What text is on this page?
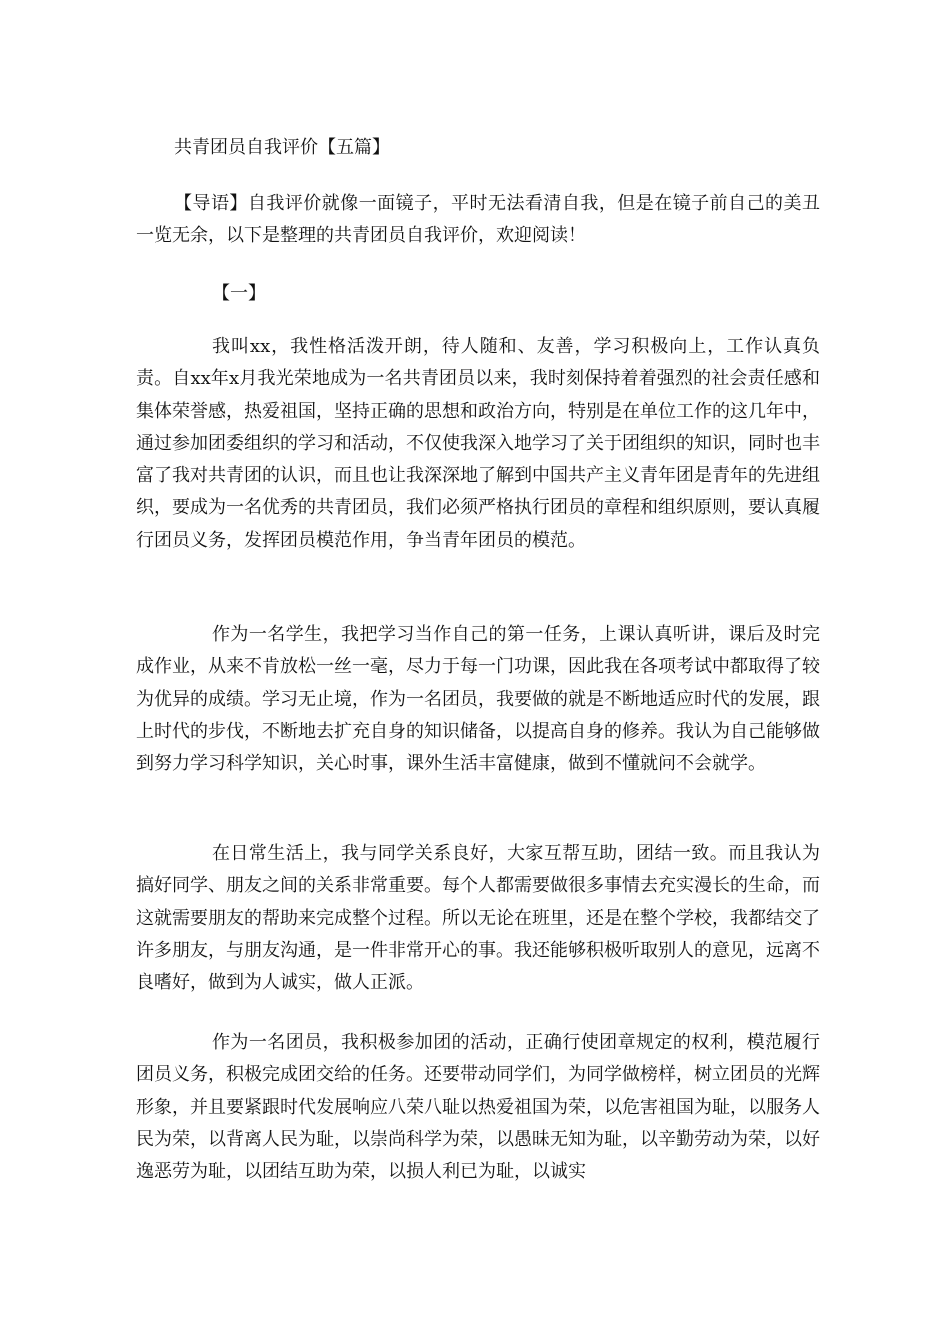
共青团员自我评价【五篇】
【导语】自我评价就像一面镜子，平时无法看清自我，但是在镜子前自己的美丑一览无余，以下是整理的共青团员自我评价，欢迎阅读！
【一】
我叫xx，我性格活泼开朗，待人随和、友善，学习积极向上，工作认真负责。自xx年x月我光荣地成为一名共青团员以来，我时刻保持着着强烈的社会责任感和集体荣誉感，热爱祖国，坚持正确的思想和政治方向，特别是在单位工作的这几年中，通过参加团委组织的学习和活动，不仅使我深入地学习了关于团组织的知识，同时也丰富了我对共青团的认识，而且也让我深深地了解到中国共产主义青年团是青年的先进组织，要成为一名优秀的共青团员，我们必须严格执行团员的章程和组织原则，要认真履行团员义务，发挥团员模范作用，争当青年团员的模范。
作为一名学生，我把学习当作自己的第一任务，上课认真听讲，课后及时完成作业，从来不肯放松一丝一毫，尽力于每一门功课，因此我在各项考试中都取得了较为优异的成绩。学习无止境，作为一名团员，我要做的就是不断地适应时代的发展，跟上时代的步伐，不断地去扩充自身的知识储备，以提高自身的修养。我认为自己能够做到努力学习科学知识，关心时事，课外生活丰富健康，做到不懂就问不会就学。
在日常生活上，我与同学关系良好，大家互帮互助，团结一致。而且我认为搞好同学、朋友之间的关系非常重要。每个人都需要做很多事情去充实漫长的生命，而这就需要朋友的帮助来完成整个过程。所以无论在班里，还是在整个学校，我都结交了许多朋友，与朋友沟通，是一件非常开心的事。我还能够积极听取别人的意见，远离不良嗜好，做到为人诚实，做人正派。
作为一名团员，我积极参加团的活动，正确行使团章规定的权利，模范履行团员义务，积极完成团交给的任务。还要带动同学们，为同学做榜样，树立团员的光辉形象，并且要紧跟时代发展响应八荣八耻以热爱祖国为荣，以危害祖国为耻，以服务人民为荣，以背离人民为耻，以崇尚科学为荣，以愚昧无知为耻，以辛勤劳动为荣，以好逸恶劳为耻，以团结互助为荣，以损人利已为耻，以诚实
